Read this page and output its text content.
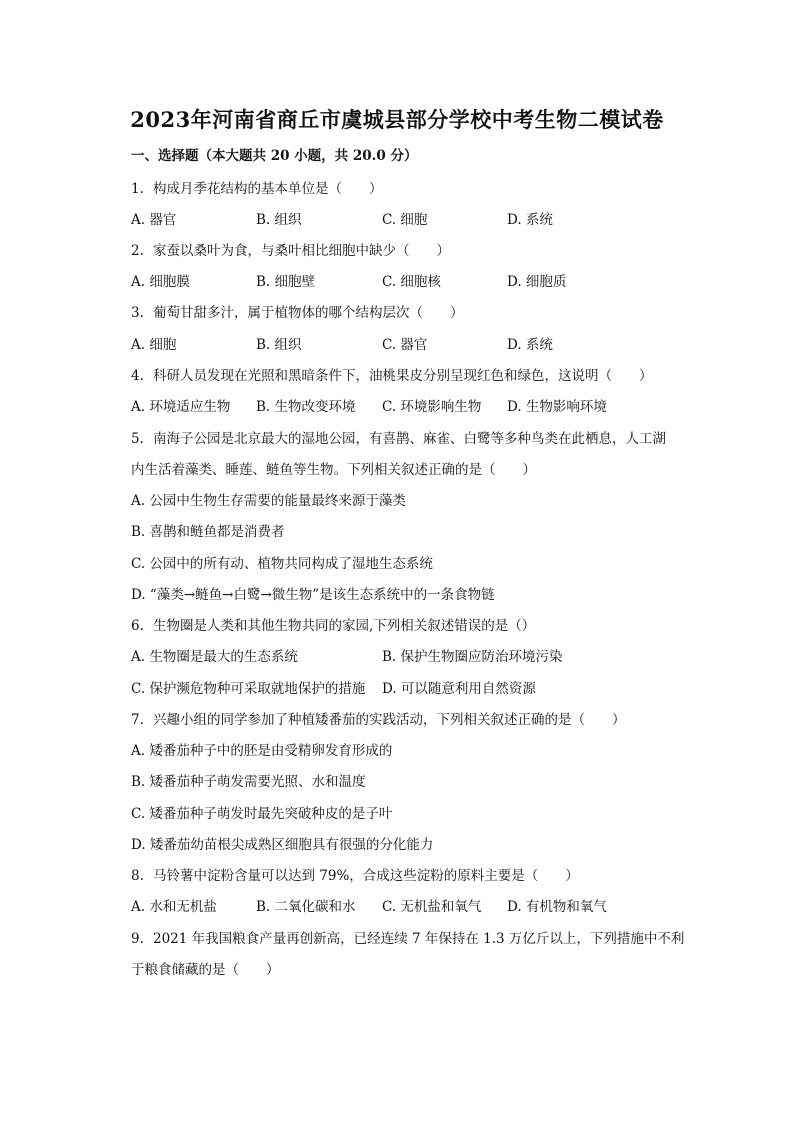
2023年河南省商丘市虞城县部分学校中考生物二模试卷
一、选择题（本大题共 20 小题，共 20.0 分）
1. 构成月季花结构的基本单位是（　　）
A. 器官	B. 组织	C. 细胞	D. 系统
2. 家蚕以桑叶为食，与桑叶相比细胞中缺少（　　）
A. 细胞膜	B. 细胞壁	C. 细胞核	D. 细胞质
3. 葡萄甘甜多汁，属于植物体的哪个结构层次（　　）
A. 细胞	B. 组织	C. 器官	D. 系统
4. 科研人员发现在光照和黑暗条件下，油桃果皮分别呈现红色和绿色，这说明（　　）
A. 环境适应生物 B. 生物改变环境 C. 环境影响生物 D. 生物影响环境
5. 南海子公园是北京最大的湿地公园，有喜鹊、麻雀、白鹭等多种鸟类在此栖息，人工湖
内生活着藻类、睡莲、鲢鱼等生物。下列相关叙述正确的是（　　）
A. 公园中生物生存需要的能量最终来源于藻类
B. 喜鹊和鲢鱼都是消费者
C. 公园中的所有动、植物共同构成了湿地生态系统
D. “藻类→鲢鱼→白鹭→微生物”是该生态系统中的一条食物链
6. 生物圈是人类和其他生物共同的家园,下列相关叙述错误的是（）
A. 生物圈是最大的生态系统	B. 保护生物圈应防治环境污染
C. 保护濒危物种可采取就地保护的措施 D. 可以随意利用自然资源
7. 兴趣小组的同学参加了种植矮番茄的实践活动，下列相关叙述正确的是（　　）
A. 矮番茄种子中的胚是由受精卵发育形成的
B. 矮番茄种子萌发需要光照、水和温度
C. 矮番茄种子萌发时最先突破种皮的是子叶
D. 矮番茄幼苗根尖成熟区细胞具有很强的分化能力
8. 马铃薯中淀粉含量可以达到 79%，合成这些淀粉的原料主要是（　　）
A. 水和无机盐	B. 二氧化碳和水 C. 无机盐和氧气 D. 有机物和氧气
9. 2021 年我国粮食产量再创新高，已经连续 7 年保持在 1.3 万亿斤以上，下列措施中不利
于粮食储藏的是（　　）
